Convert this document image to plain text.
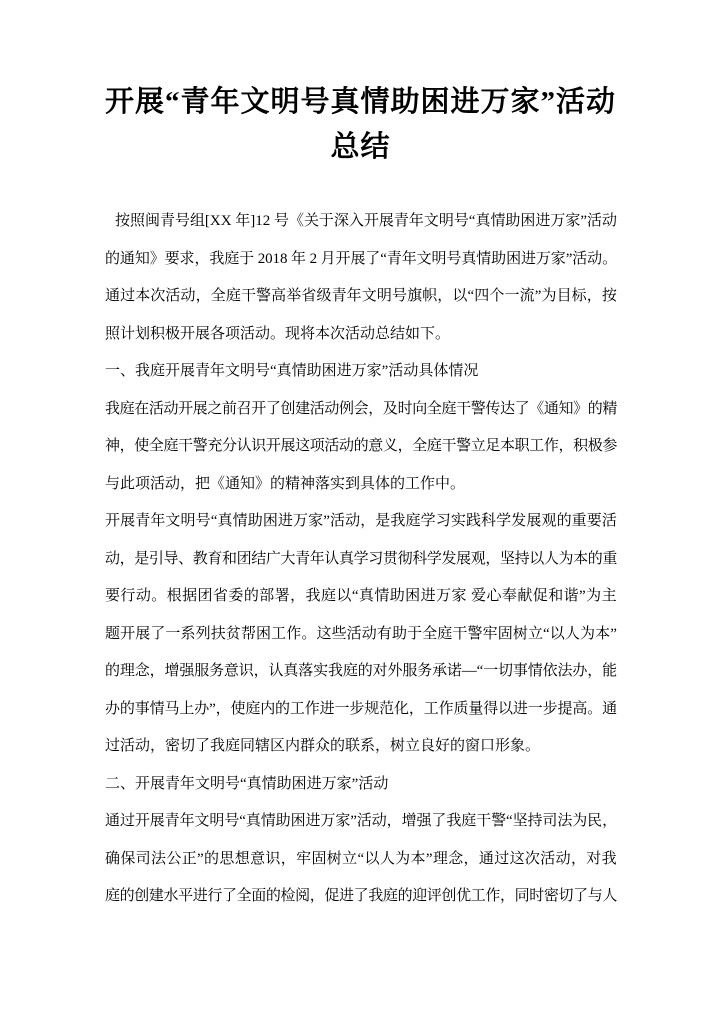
开展“青年文明号真情助困进万家”活动
总结
按照闽青号组[XX 年]12 号《关于深入开展青年文明号“真情助困进万家”活动
的通知》要求，我庭于 2018 年 2 月开展了“青年文明号真情助困进万家”活动。
通过本次活动，全庭干警高举省级青年文明号旗帜，以“四个一流”为目标，按
照计划积极开展各项活动。现将本次活动总结如下。
一、我庭开展青年文明号“真情助困进万家”活动具体情况
我庭在活动开展之前召开了创建活动例会，及时向全庭干警传达了《通知》的精
神，使全庭干警充分认识开展这项活动的意义，全庭干警立足本职工作，积极参
与此项活动，把《通知》的精神落实到具体的工作中。
开展青年文明号“真情助困进万家”活动，是我庭学习实践科学发展观的重要活
动，是引导、教育和团结广大青年认真学习贯彻科学发展观，坚持以人为本的重
要行动。根据团省委的部署，我庭以“真情助困进万家 爱心奉献促和谐”为主
题开展了一系列扶贫帮困工作。这些活动有助于全庭干警牢固树立“以人为本”
的理念，增强服务意识，认真落实我庭的对外服务承诺—“一切事情依法办，能
办的事情马上办”，使庭内的工作进一步规范化，工作质量得以进一步提高。通
过活动，密切了我庭同辖区内群众的联系，树立良好的窗口形象。
二、开展青年文明号“真情助困进万家”活动
通过开展青年文明号“真情助困进万家”活动，增强了我庭干警“坚持司法为民，
确保司法公正”的思想意识，牢固树立“以人为本”理念，通过这次活动，对我
庭的创建水平进行了全面的检阅，促进了我庭的迎评创优工作，同时密切了与人
